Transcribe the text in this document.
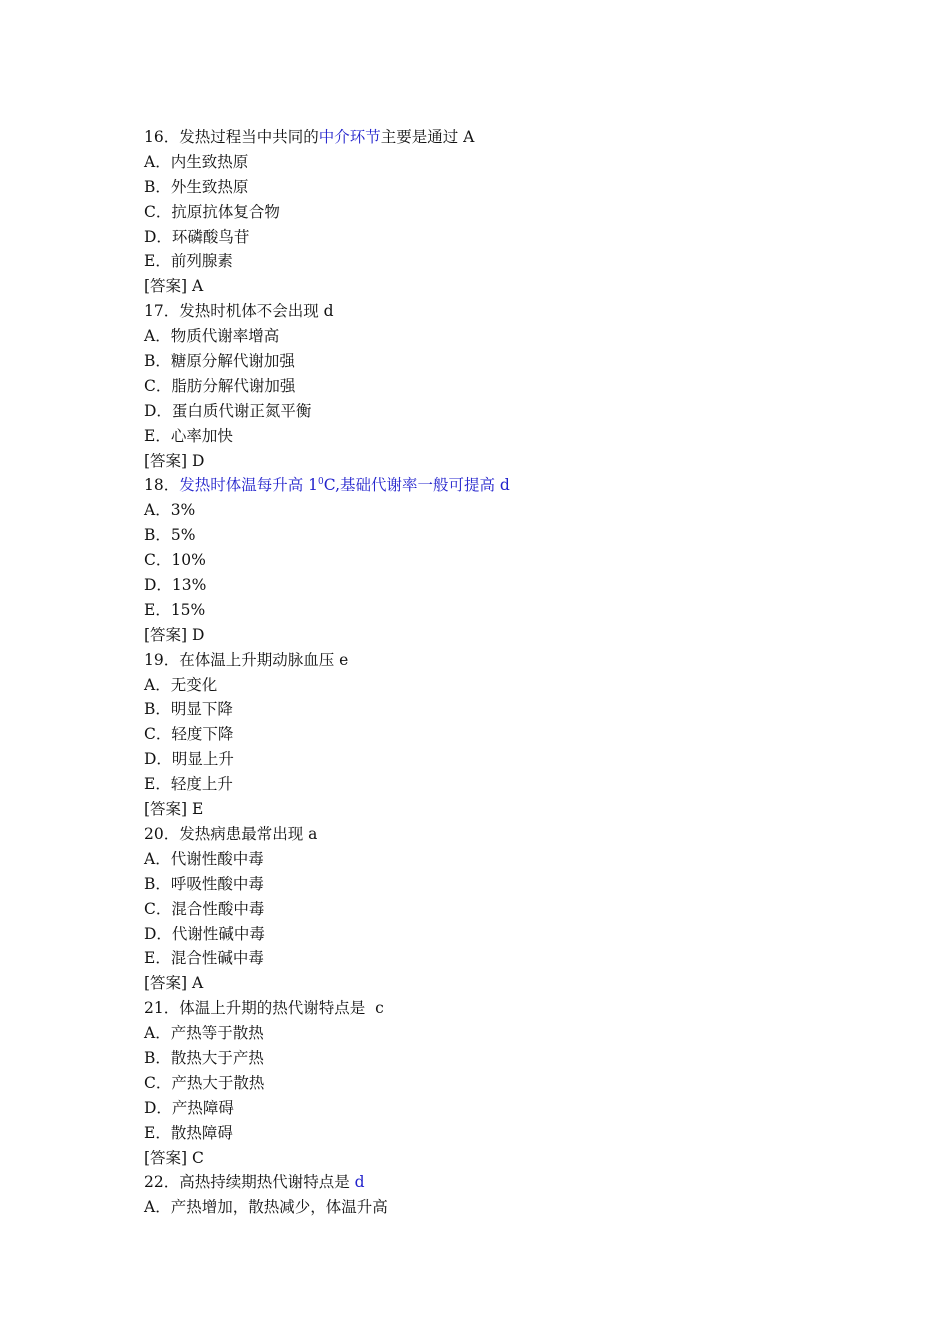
16．发热过程当中共同的中介环节主要是通过 A
A．内生致热原
B．外生致热原
C．抗原抗体复合物
D．环磷酸鸟苷
E．前列腺素
[答案] A
17．发热时机体不会出现 d
A．物质代谢率增高
B．糖原分解代谢加强
C．脂肪分解代谢加强
D．蛋白质代谢正氮平衡
E．心率加快
[答案] D
18．发热时体温每升高 $1^0C$,基础代谢率一般可提高 d
A．3%
B．5%
C．10%
D．13%
E．15%
[答案] D
19．在体温上升期动脉血压 e
A．无变化
B．明显下降
C．轻度下降
D．明显上升
E．轻度上升
[答案] E
20．发热病患最常出现 a
A．代谢性酸中毒
B．呼吸性酸中毒
C．混合性酸中毒
D．代谢性碱中毒
E．混合性碱中毒
[答案] A
21．体温上升期的热代谢特点是  c
A．产热等于散热
B．散热大于产热
C．产热大于散热
D．产热障碍
E．散热障碍
[答案] C
22．高热持续期热代谢特点是 d
A．产热增加，散热减少，体温升高
